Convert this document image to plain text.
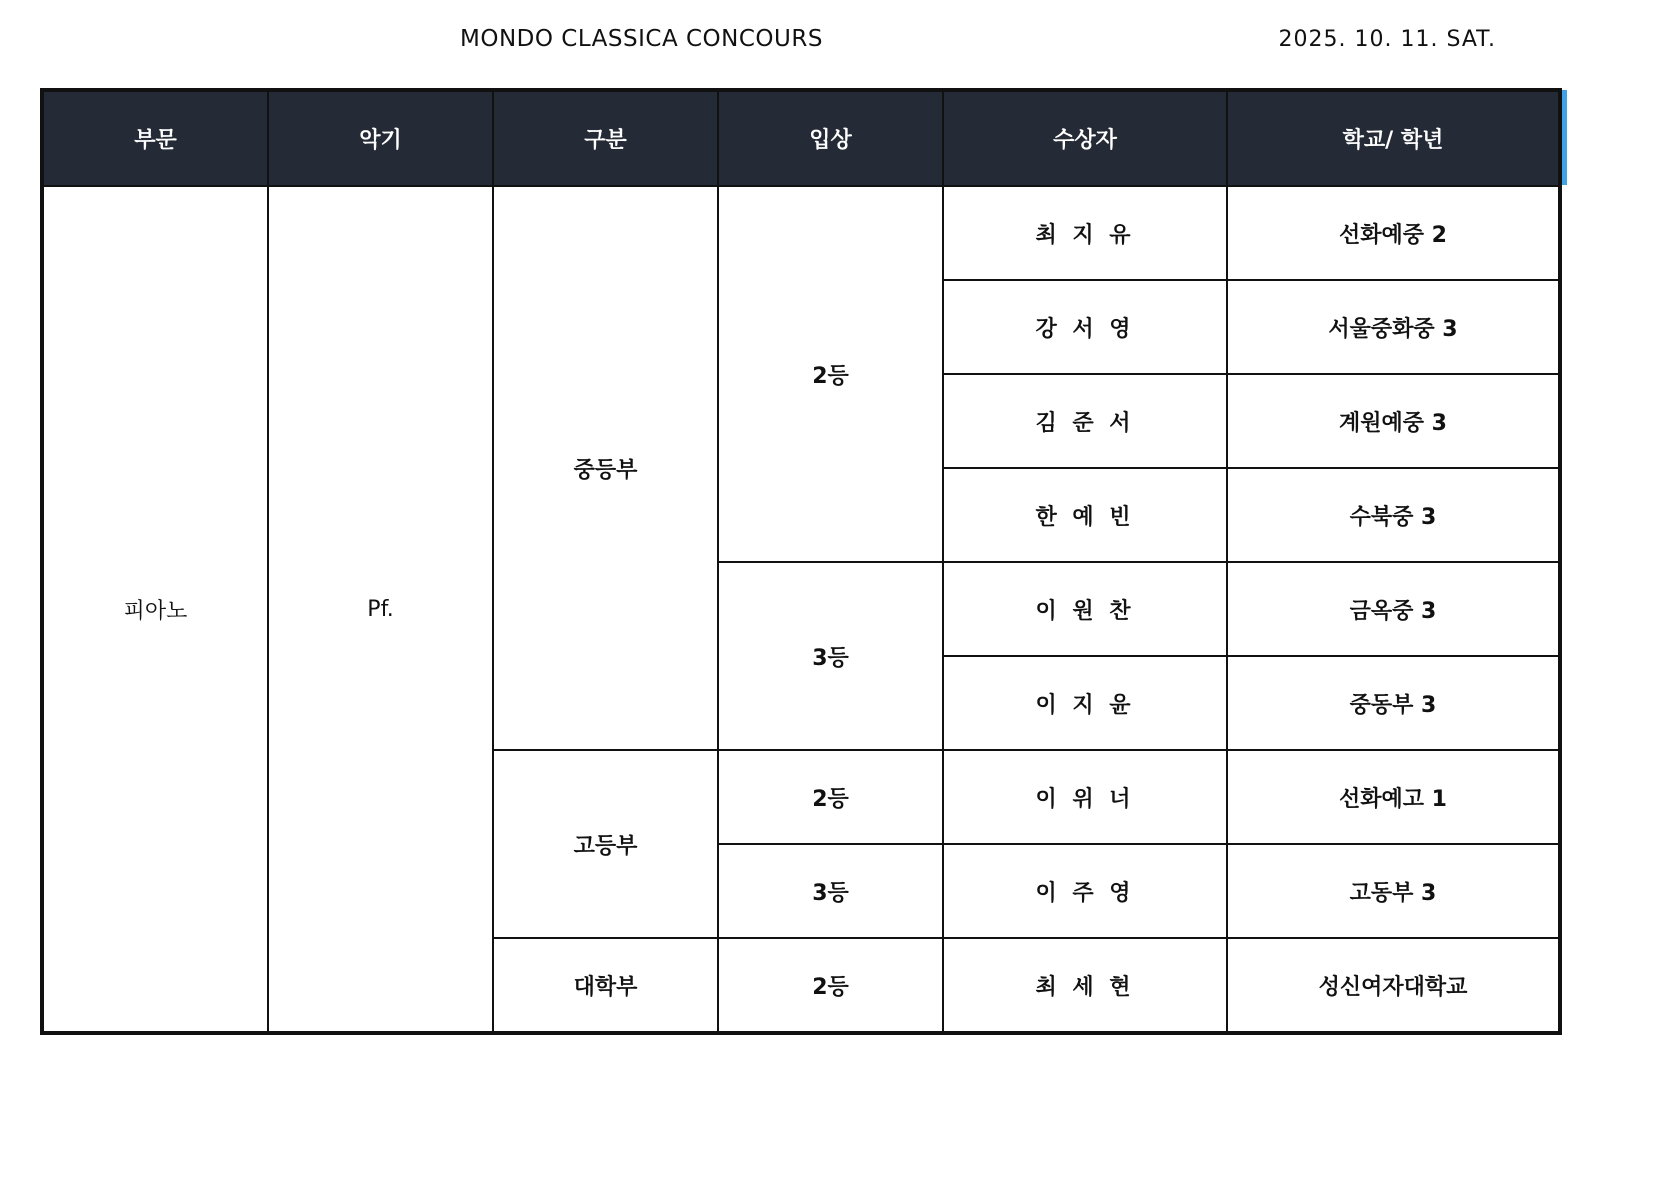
MONDO CLASSICA CONCOURS	2025. 10. 11. SAT.
부문	악기	구분	입상	수상자	학교/ 학년
피아노	Pf.	중등부	2등	최 지 유	선화예중 2
				강 서 영	서울중화중 3
				김 준 서	계원예중 3
				한 예 빈	수북중 3
			3등	이 원 찬	금옥중 3
				이 지 윤	중동부 3
		고등부	2등	이 위 너	선화예고 1
			3등	이 주 영	고동부 3
		대학부	2등	최 세 현	성신여자대학교
